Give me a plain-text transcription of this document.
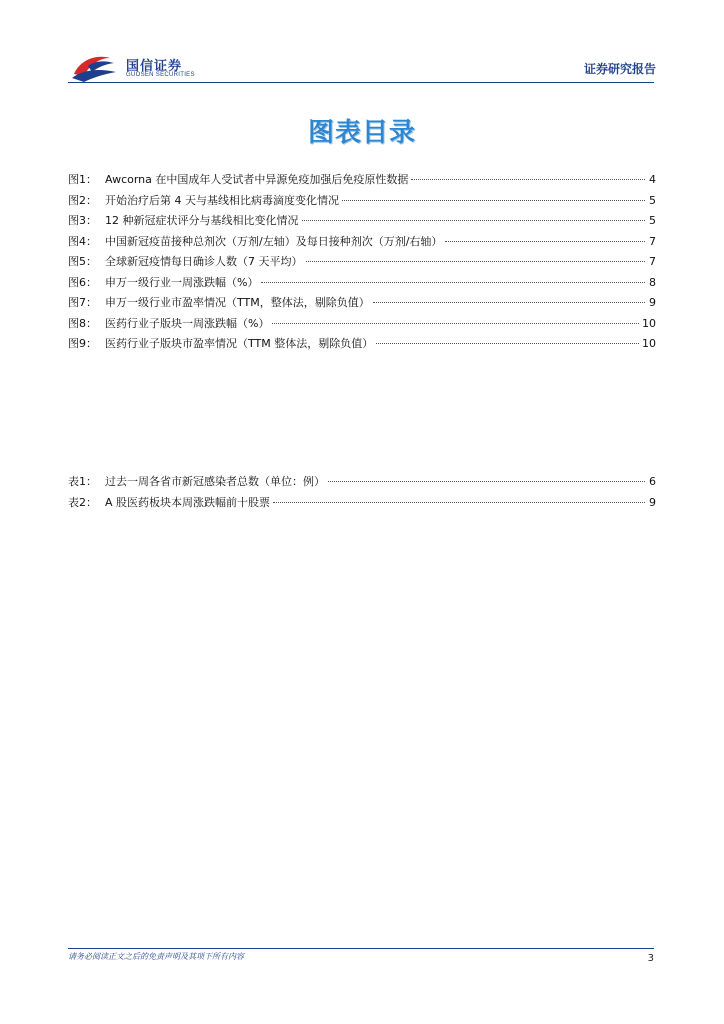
国信证券
GUOSEN SECURITIES	证券研究报告
图表目录
图1： Awcorna 在中国成年人受试者中异源免疫加强后免疫原性数据	4
图2： 开始治疗后第 4 天与基线相比病毒滴度变化情况	5
图3： 12 种新冠症状评分与基线相比变化情况	5
图4： 中国新冠疫苗接种总剂次（万剂/左轴）及每日接种剂次（万剂/右轴）	7
图5： 全球新冠疫情每日确诊人数（7 天平均）	7
图6： 申万一级行业一周涨跌幅（%）	8
图7： 申万一级行业市盈率情况（TTM，整体法，剔除负值）	9
图8： 医药行业子版块一周涨跌幅（%）	10
图9： 医药行业子版块市盈率情况（TTM 整体法，剔除负值）	10
表1： 过去一周各省市新冠感染者总数（单位：例）	6
表2： A 股医药板块本周涨跌幅前十股票	9
请务必阅读正文之后的免责声明及其项下所有内容	3
